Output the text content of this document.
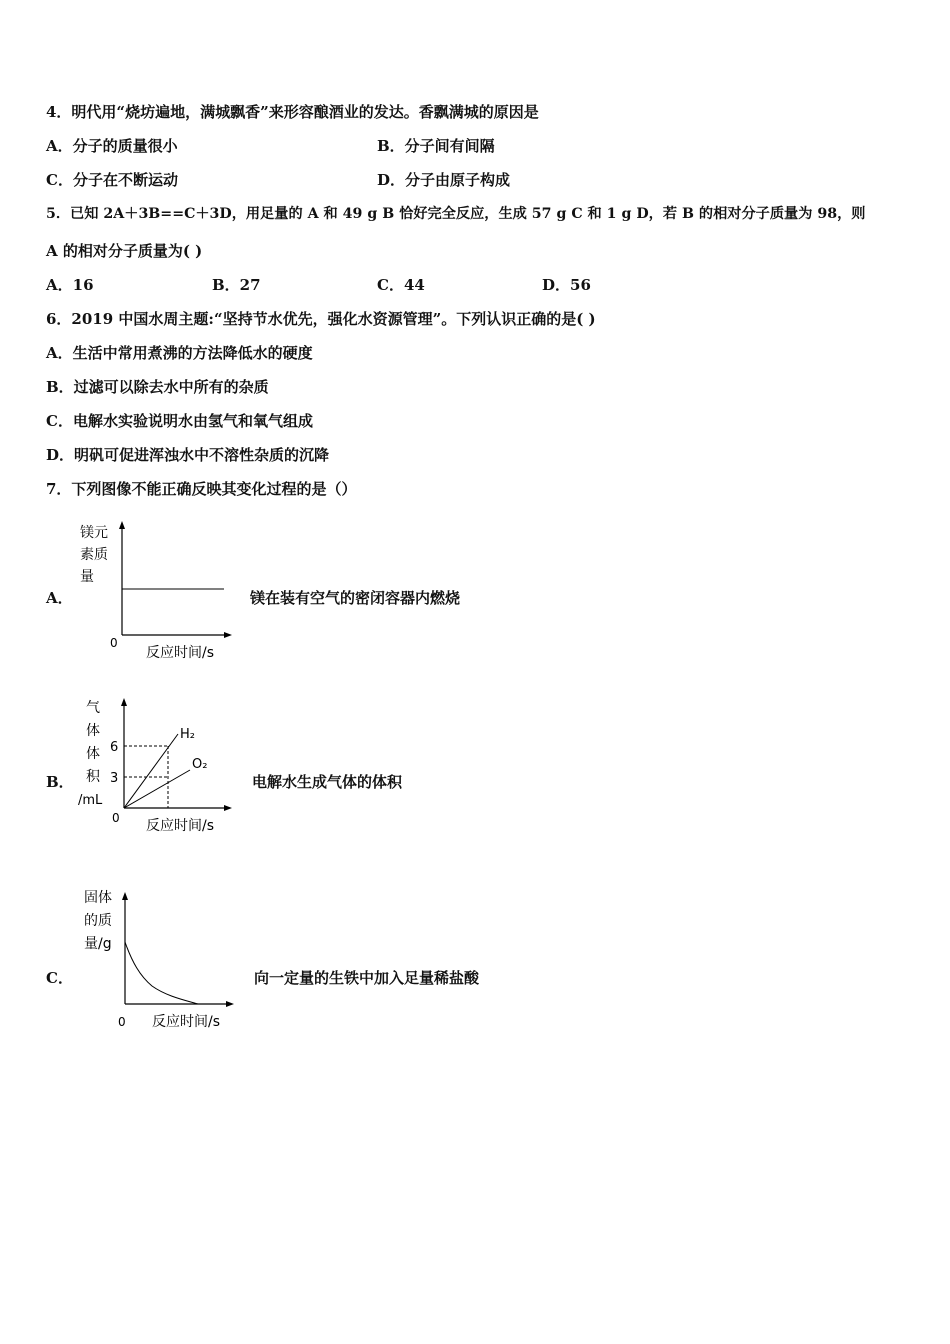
4．明代用“烧坊遍地，满城飘香”来形容酿酒业的发达。香飘满城的原因是
A．分子的质量很小	B．分子间有间隔
C．分子在不断运动	D．分子由原子构成
5．已知 2A＋3B==C＋3D，用足量的 A 和 49 g B 恰好完全反应，生成 57 g C 和 1 g D，若 B 的相对分子质量为 98，则
A 的相对分子质量为( )
A．16	B．27	C．44	D．56
6．2019 中国水周主题:“坚持节水优先，强化水资源管理”。下列认识正确的是( )
A．生活中常用煮沸的方法降低水的硬度
B．过滤可以除去水中所有的杂质
C．电解水实验说明水由氢气和氧气组成
D．明矾可促进浑浊水中不溶性杂质的沉降
7．下列图像不能正确反映其变化过程的是（）
A．
镁元
素质
量
0
反应时间/s
镁在装有空气的密闭容器内燃烧
B．
6
3
H₂
O₂
气
体
体
积
/mL
0 反应时间/s
电解水生成气体的体积
C．
固体
的质
量/g
0 反应时间/s
向一定量的生铁中加入足量稀盐酸
